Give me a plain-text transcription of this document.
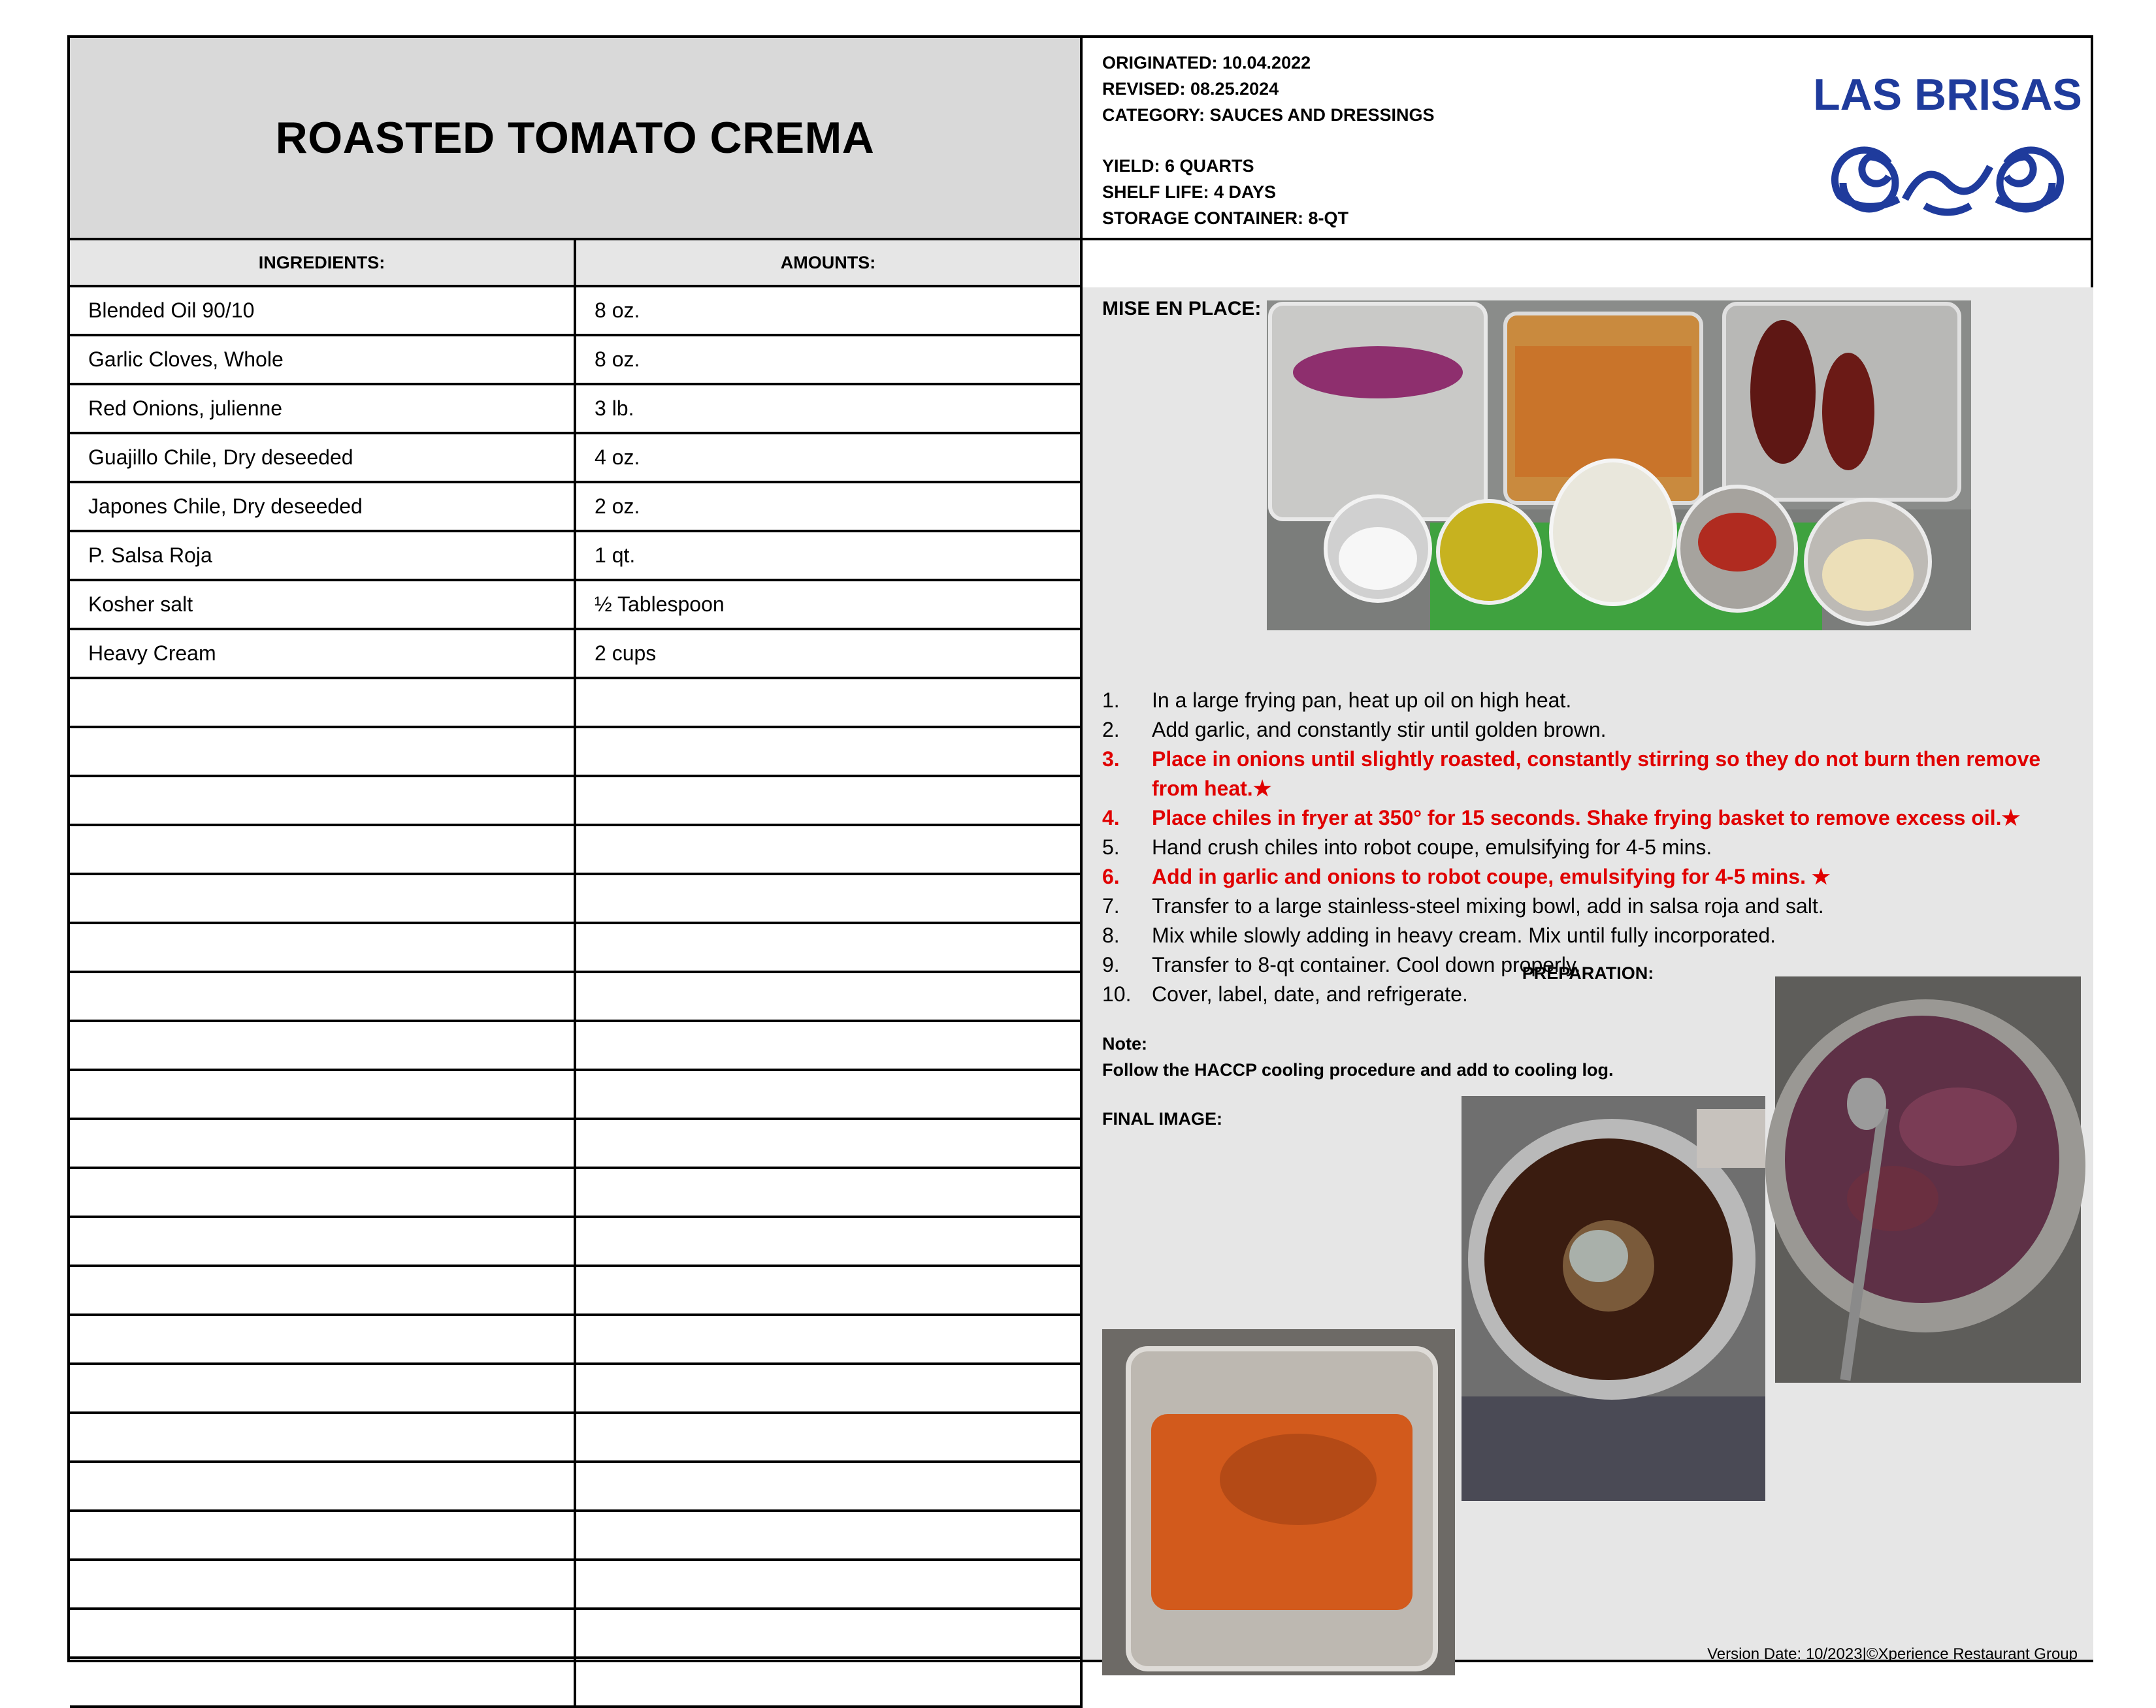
ROASTED TOMATO CREMA
ORIGINATED: 10.04.2022
REVISED: 08.25.2024
CATEGORY: SAUCES AND DRESSINGS
YIELD: 6 QUARTS
SHELF LIFE: 4 DAYS
STORAGE CONTAINER: 8-QT
LAS BRISAS
INGREDIENTS:	AMOUNTS:
PREPARATION:
Blended Oil 90/10	8 oz.
Garlic Cloves, Whole	8 oz.
Red Onions, julienne	3 lb.
Guajillo Chile, Dry deseeded	4 oz.
Japones Chile, Dry deseeded	2 oz.
P. Salsa Roja	1 qt.
Kosher salt	½ Tablespoon
Heavy Cream	2 cups
MISE EN PLACE:
1. In a large frying pan, heat up oil on high heat.
2. Add garlic, and constantly stir until golden brown.
3. Place in onions until slightly roasted, constantly stirring so they do not burn then remove from heat.★
4. Place chiles in fryer at 350° for 15 seconds. Shake frying basket to remove excess oil.★
5. Hand crush chiles into robot coupe, emulsifying for 4-5 mins.
6. Add in garlic and onions to robot coupe, emulsifying for 4-5 mins. ★
7. Transfer to a large stainless-steel mixing bowl, add in salsa roja and salt.
8. Mix while slowly adding in heavy cream. Mix until fully incorporated.
9. Transfer to 8-qt container. Cool down properly.
10. Cover, label, date, and refrigerate.
Note:
Follow the HACCP cooling procedure and add to cooling log.
FINAL IMAGE:
Version Date: 10/2023|©Xperience Restaurant Group
